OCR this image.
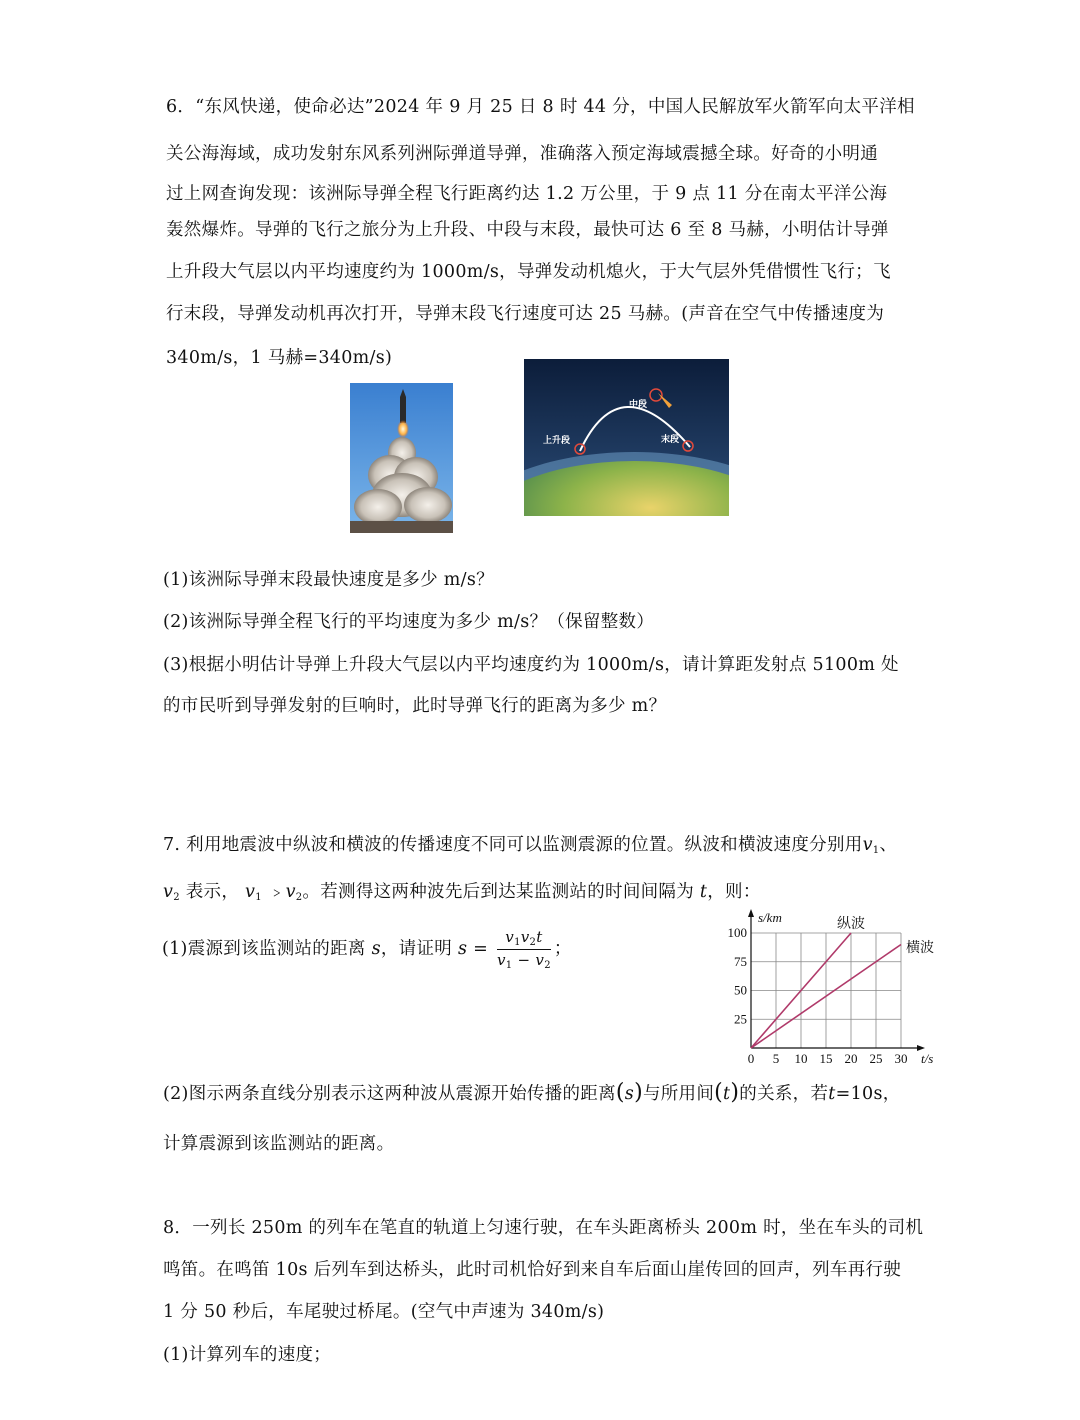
6．“东风快递，使命必达”2024 年 9 月 25 日 8 时 44 分，中国人民解放军火箭军向太平洋相
关公海海域，成功发射东风系列洲际弹道导弹，准确落入预定海域震撼全球。好奇的小明通
过上网查询发现：该洲际导弹全程飞行距离约达 1.2 万公里，于 9 点 11 分在南太平洋公海
轰然爆炸。导弹的飞行之旅分为上升段、中段与末段，最快可达 6 至 8 马赫，小明估计导弹
上升段大气层以内平均速度约为 1000m/s，导弹发动机熄火，于大气层外凭借惯性飞行；飞
行末段，导弹发动机再次打开，导弹末段飞行速度可达 25 马赫。(声音在空气中传播速度为
340m/s，1 马赫=340m/s)
上升段
中段
末段
(1)该洲际导弹末段最快速度是多少 m/s？
(2)该洲际导弹全程飞行的平均速度为多少 m/s？（保留整数）
(3)根据小明估计导弹上升段大气层以内平均速度约为 1000m/s，请计算距发射点 5100m 处
的市民听到导弹发射的巨响时，此时导弹飞行的距离为多少 m？
7. 利用地震波中纵波和横波的传播速度不同可以监测震源的位置。纵波和横波速度分别用$v_1$、
$v_2$ 表示， $v_1$ $﹥v_2$。若测得这两种波先后到达某监测站的时间间隔为 t，则：
(1)震源到该监测站的距离 s，请证明 $s = \frac{v_1v_2t}{v_1 - v_2}$ ；
0 5 10 15 20 25 30
25
50
75
100
s/km
t/s
纵波
横波
(2)图示两条直线分别表示这两种波从震源开始传播的距离(s)与所用间(t)的关系，若t=10s，
计算震源到该监测站的距离。
8．一列长 250m 的列车在笔直的轨道上匀速行驶，在车头距离桥头 200m 时，坐在车头的司机
鸣笛。在鸣笛 10s 后列车到达桥头，此时司机恰好到来自车后面山崖传回的回声，列车再行驶
1 分 50 秒后，车尾驶过桥尾。(空气中声速为 340m/s)
(1)计算列车的速度；
